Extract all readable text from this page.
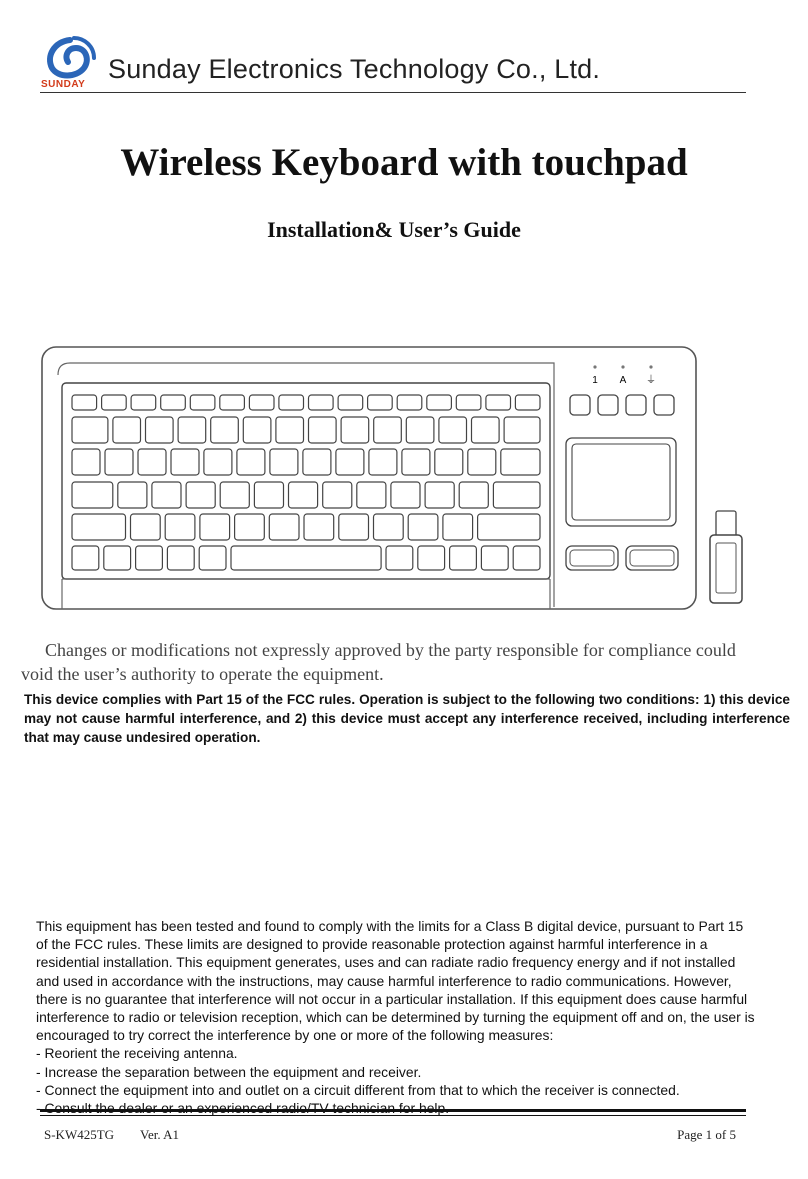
SUNDAY
Sunday Electronics Technology Co., Ltd.
Wireless Keyboard with touchpad
Installation& User’s Guide
1 A ⏚
Changes or modifications not expressly approved by the party responsible for compliance could
void the user’s authority to operate the equipment.
This device complies with Part 15 of the FCC rules. Operation is subject to the following two conditions: 1) this device may not cause harmful interference, and 2) this device must accept any interference received, including interference that may cause undesired operation.
This equipment has been tested and found to comply with the limits for a Class B digital device, pursuant to Part 15
of the FCC rules. These limits are designed to provide reasonable protection against harmful interference in a
residential installation. This equipment generates, uses and can radiate radio frequency energy and if not installed
and used in accordance with the instructions, may cause harmful interference to radio communications. However,
there is no guarantee that interference will not occur in a particular installation. If this equipment does cause harmful
interference to radio or television reception, which can be determined by turning the equipment off and on, the user is
encouraged to try correct the interference by one or more of the following measures:
- Reorient the receiving antenna.
- Increase the separation between the equipment and receiver.
- Connect the equipment into and outlet on a circuit different from that to which the receiver is connected.
- Consult the dealer or an experienced radio/TV technician for help.
S-KW425TG Ver. A1	Page 1 of 5
